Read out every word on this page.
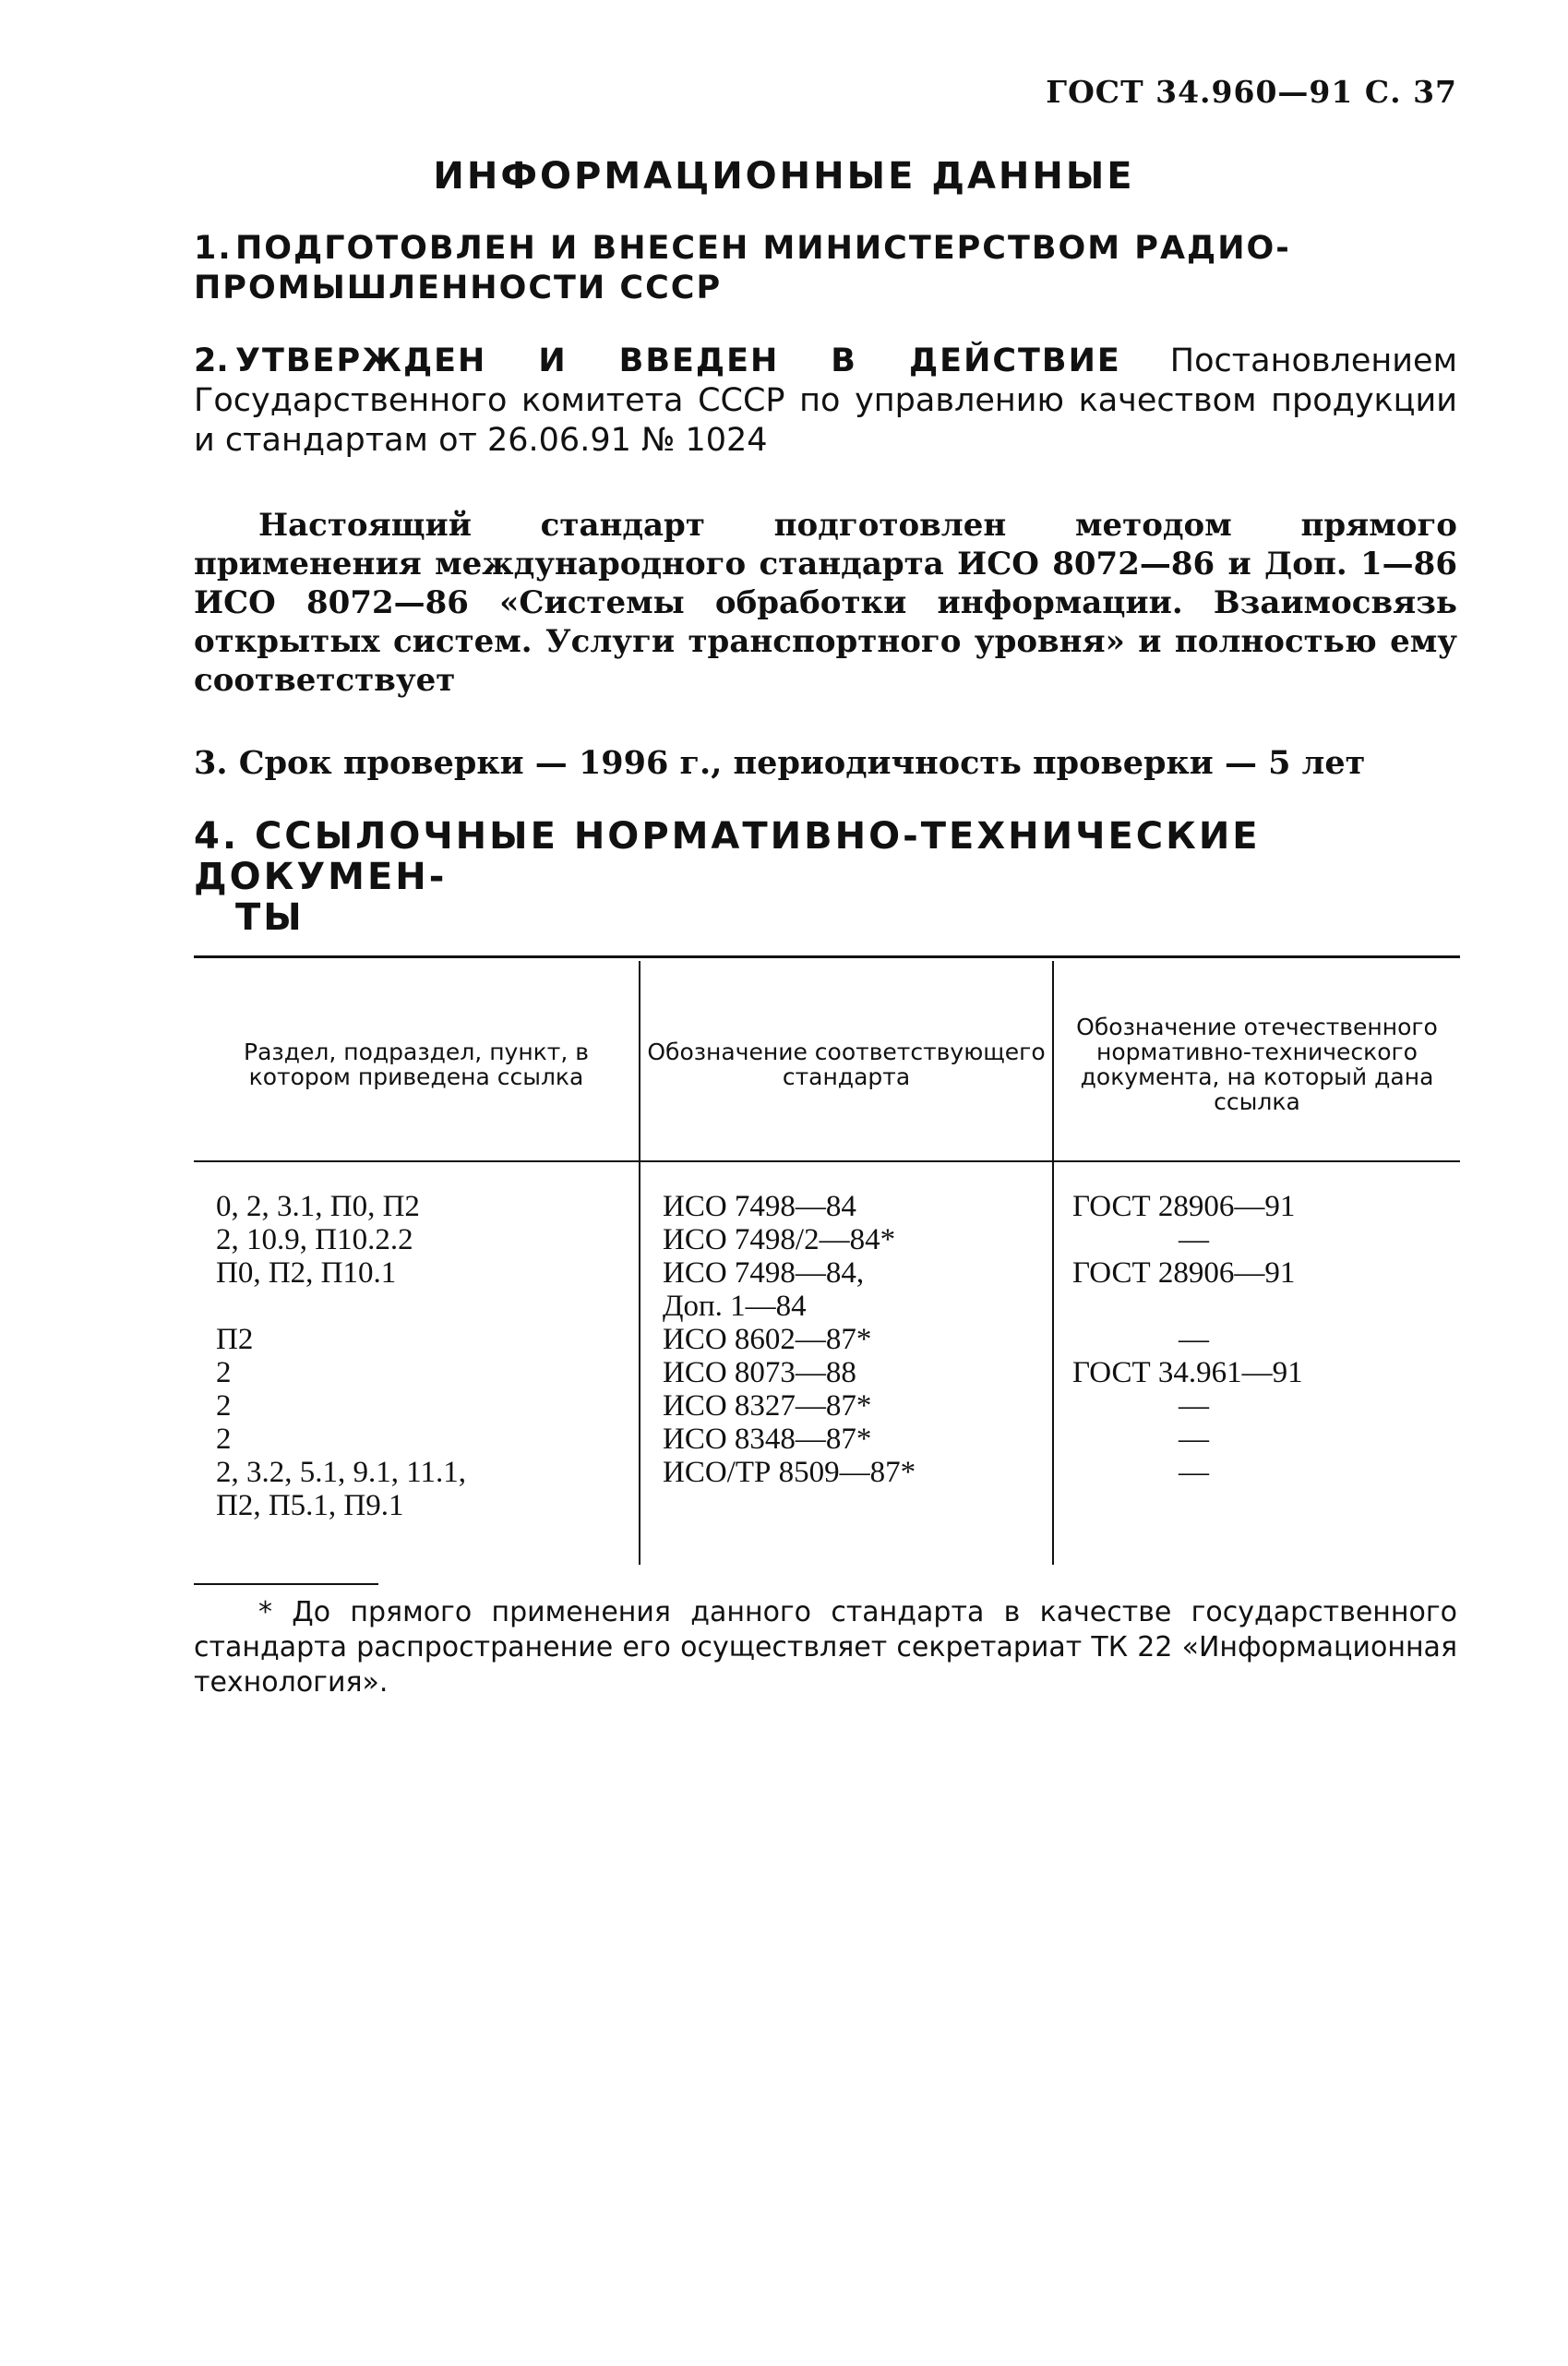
ГОСТ 34.960—91 С. 37
ИНФОРМАЦИОННЫЕ ДАННЫЕ
1.ПОДГОТОВЛЕН И ВНЕСЕН МИНИСТЕРСТВОМ РАДИО-
ПРОМЫШЛЕННОСТИ СССР
2. УТВЕРЖДЕН И ВВЕДЕН В ДЕЙСТВИЕ Постановлением Государственного комитета СССР по управлению качеством продукции и стандартам от 26.06.91 № 1024
Настоящий стандарт подготовлен методом прямого применения международного стандарта ИСО 8072—86 и Доп. 1—86 ИСО 8072—86 «Системы обработки информации. Взаимосвязь открытых систем. Услуги транспортного уровня» и полностью ему соответствует
3. Срок проверки — 1996 г., периодичность проверки — 5 лет
4. ССЫЛОЧНЫЕ НОРМАТИВНО-ТЕХНИЧЕСКИЕ ДОКУМЕН-
ТЫ
Раздел, подраздел, пункт, в котором приведена ссылка
Обозначение соответствующего стандарта
Обозначение отечественного нормативно-технического документа, на который дана ссылка
0, 2, 3.1, П0, П2
2, 10.9, П10.2.2
П0, П2, П10.1
П2
2
2
2
2, 3.2, 5.1, 9.1, 11.1,
П2, П5.1, П9.1
ИСО 7498—84
ИСО 7498/2—84*
ИСО 7498—84,
Доп. 1—84
ИСО 8602—87*
ИСО 8073—88
ИСО 8327—87*
ИСО 8348—87*
ИСО/ТР 8509—87*
ГОСТ 28906—91
—
ГОСТ 28906—91
—
ГОСТ 34.961—91
—
—
—
* До прямого применения данного стандарта в качестве государственного стандарта распространение его осуществляет секретариат ТК 22 «Информационная технология».
